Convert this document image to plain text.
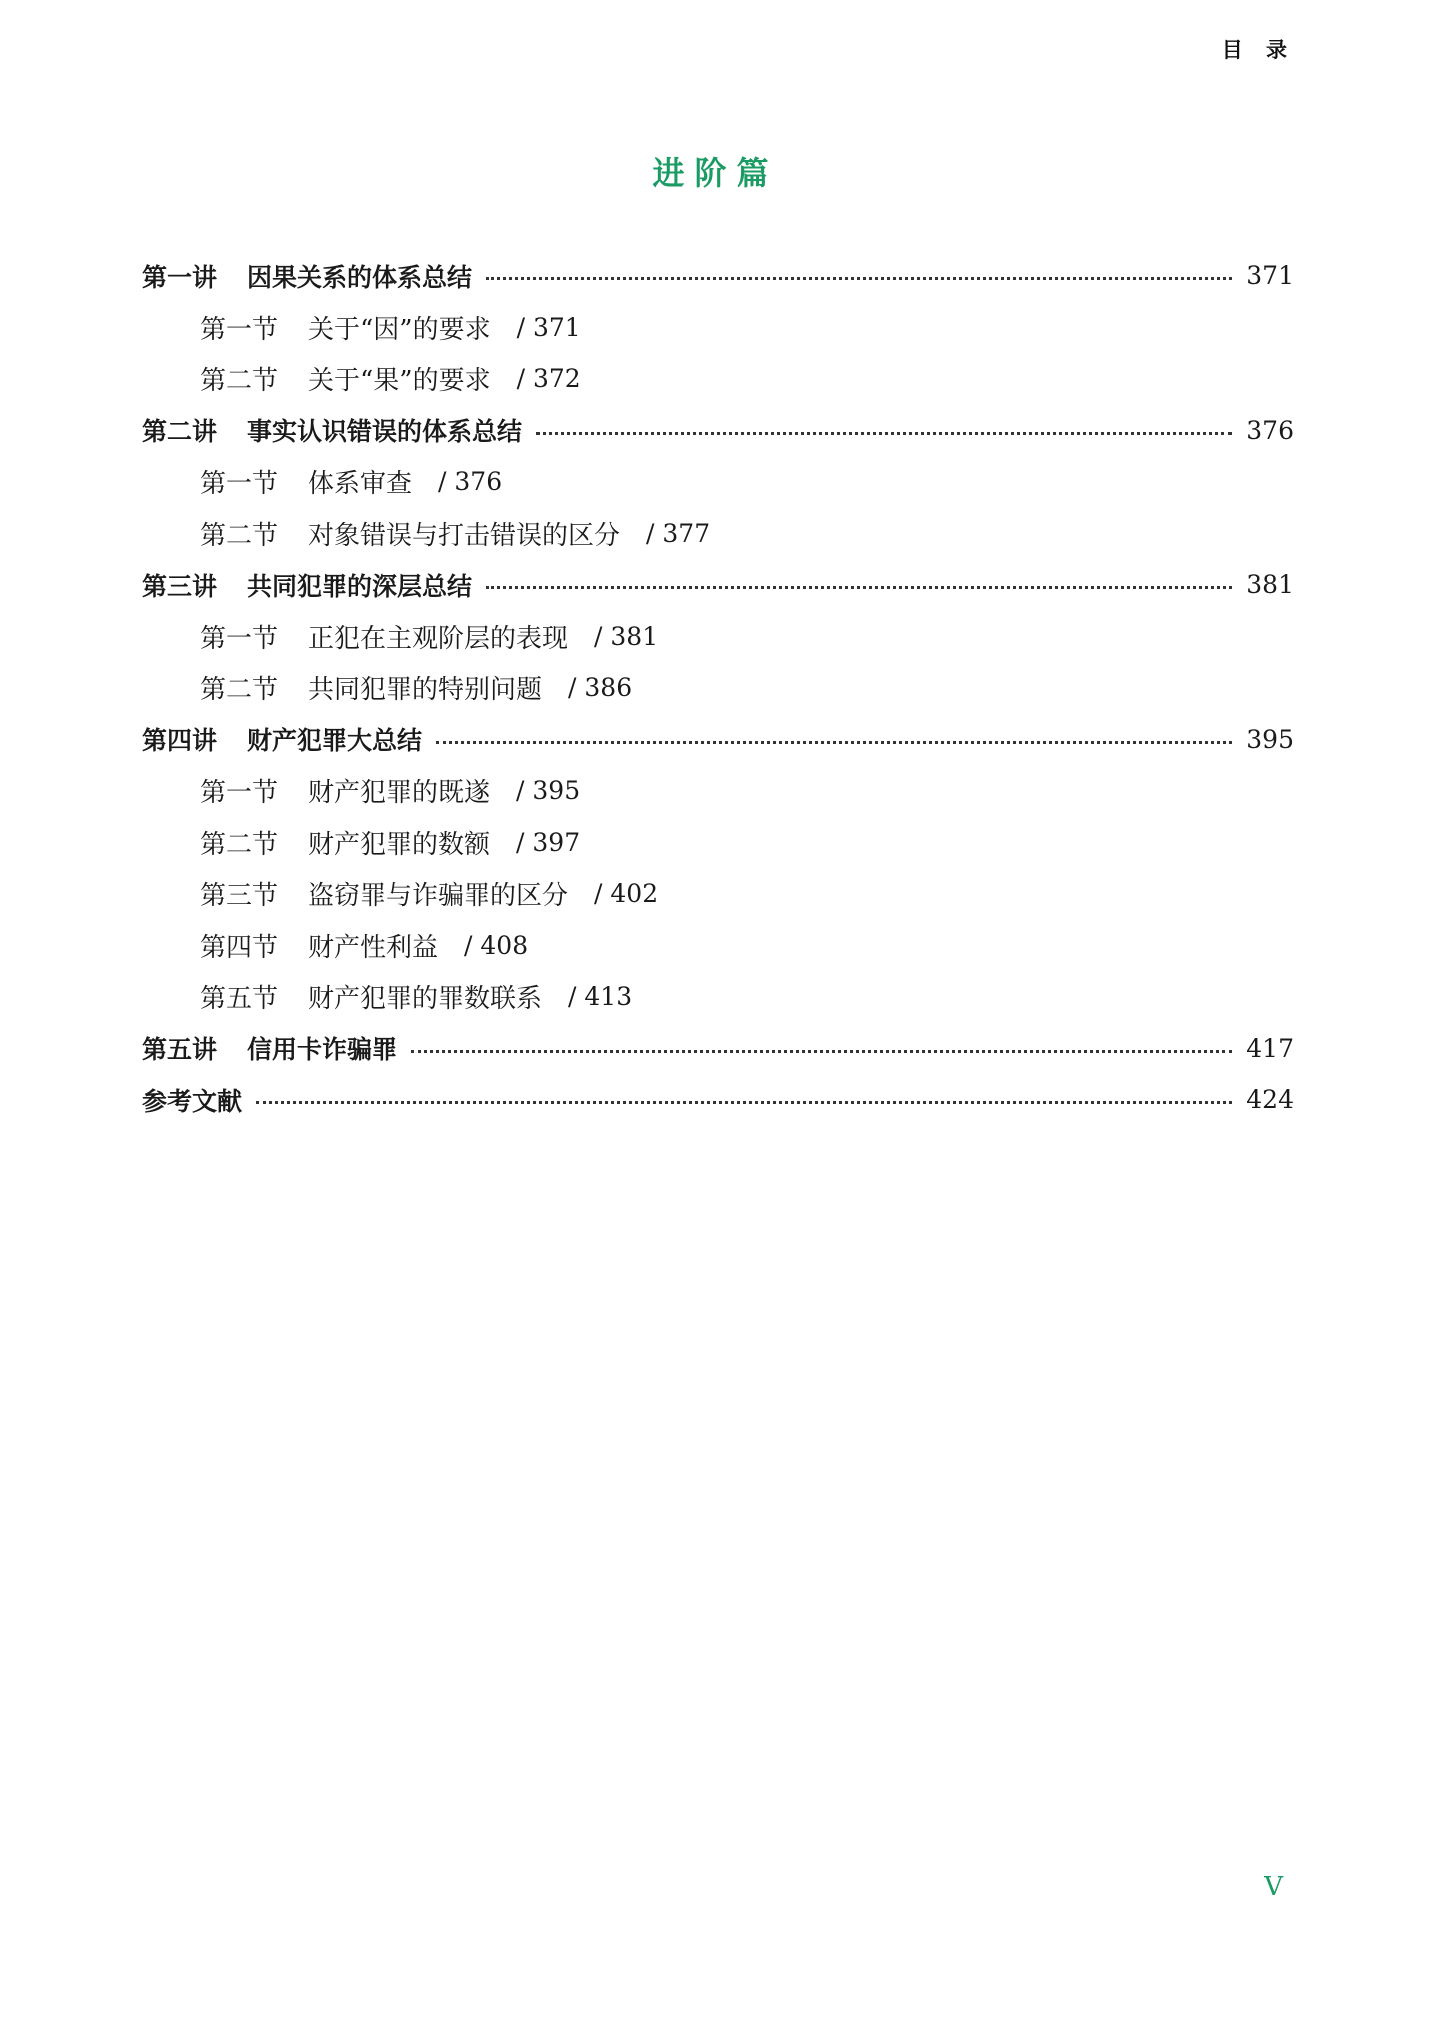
目 录
进阶篇
第一讲 因果关系的体系总结	371
第一节 关于“因”的要求 / 371
第二节 关于“果”的要求 / 372
第二讲 事实认识错误的体系总结	376
第一节 体系审查 / 376
第二节 对象错误与打击错误的区分 / 377
第三讲 共同犯罪的深层总结	381
第一节 正犯在主观阶层的表现 / 381
第二节 共同犯罪的特别问题 / 386
第四讲 财产犯罪大总结	395
第一节 财产犯罪的既遂 / 395
第二节 财产犯罪的数额 / 397
第三节 盗窃罪与诈骗罪的区分 / 402
第四节 财产性利益 / 408
第五节 财产犯罪的罪数联系 / 413
第五讲 信用卡诈骗罪	417
参考文献	424
V
